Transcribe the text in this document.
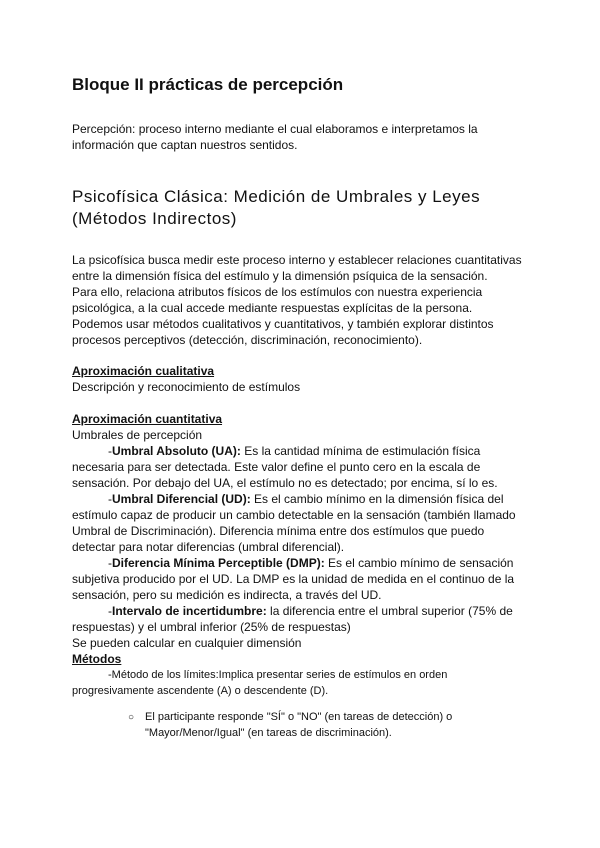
Bloque II prácticas de percepción
Percepción: proceso interno mediante el cual elaboramos e interpretamos la
información que captan nuestros sentidos.
Psicofísica Clásica: Medición de Umbrales y Leyes
(Métodos Indirectos)
La psicofísica busca medir este proceso interno y establecer relaciones cuantitativas
entre la dimensión física del estímulo y la dimensión psíquica de la sensación.
Para ello, relaciona atributos físicos de los estímulos con nuestra experiencia
psicológica, a la cual accede mediante respuestas explícitas de la persona.
Podemos usar métodos cualitativos y cuantitativos, y también explorar distintos
procesos perceptivos (detección, discriminación, reconocimiento).
Aproximación cualitativa
Descripción y reconocimiento de estímulos
Aproximación cuantitativa
Umbrales de percepción
-Umbral Absoluto (UA): Es la cantidad mínima de estimulación física
necesaria para ser detectada. Este valor define el punto cero en la escala de
sensación. Por debajo del UA, el estímulo no es detectado; por encima, sí lo es.
-Umbral Diferencial (UD): Es el cambio mínimo en la dimensión física del
estímulo capaz de producir un cambio detectable en la sensación (también llamado
Umbral de Discriminación). Diferencia mínima entre dos estímulos que puedo
detectar para notar diferencias (umbral diferencial).
-Diferencia Mínima Perceptible (DMP): Es el cambio mínimo de sensación
subjetiva producido por el UD. La DMP es la unidad de medida en el continuo de la
sensación, pero su medición es indirecta, a través del UD.
-Intervalo de incertidumbre: la diferencia entre el umbral superior (75% de
respuestas) y el umbral inferior (25% de respuestas)
Se pueden calcular en cualquier dimensión
Métodos
-Método de los límites:Implica presentar series de estímulos en orden
progresivamente ascendente (A) o descendente (D).
○ El participante responde "SÍ" o "NO" (en tareas de detección) o
"Mayor/Menor/Igual" (en tareas de discriminación).
